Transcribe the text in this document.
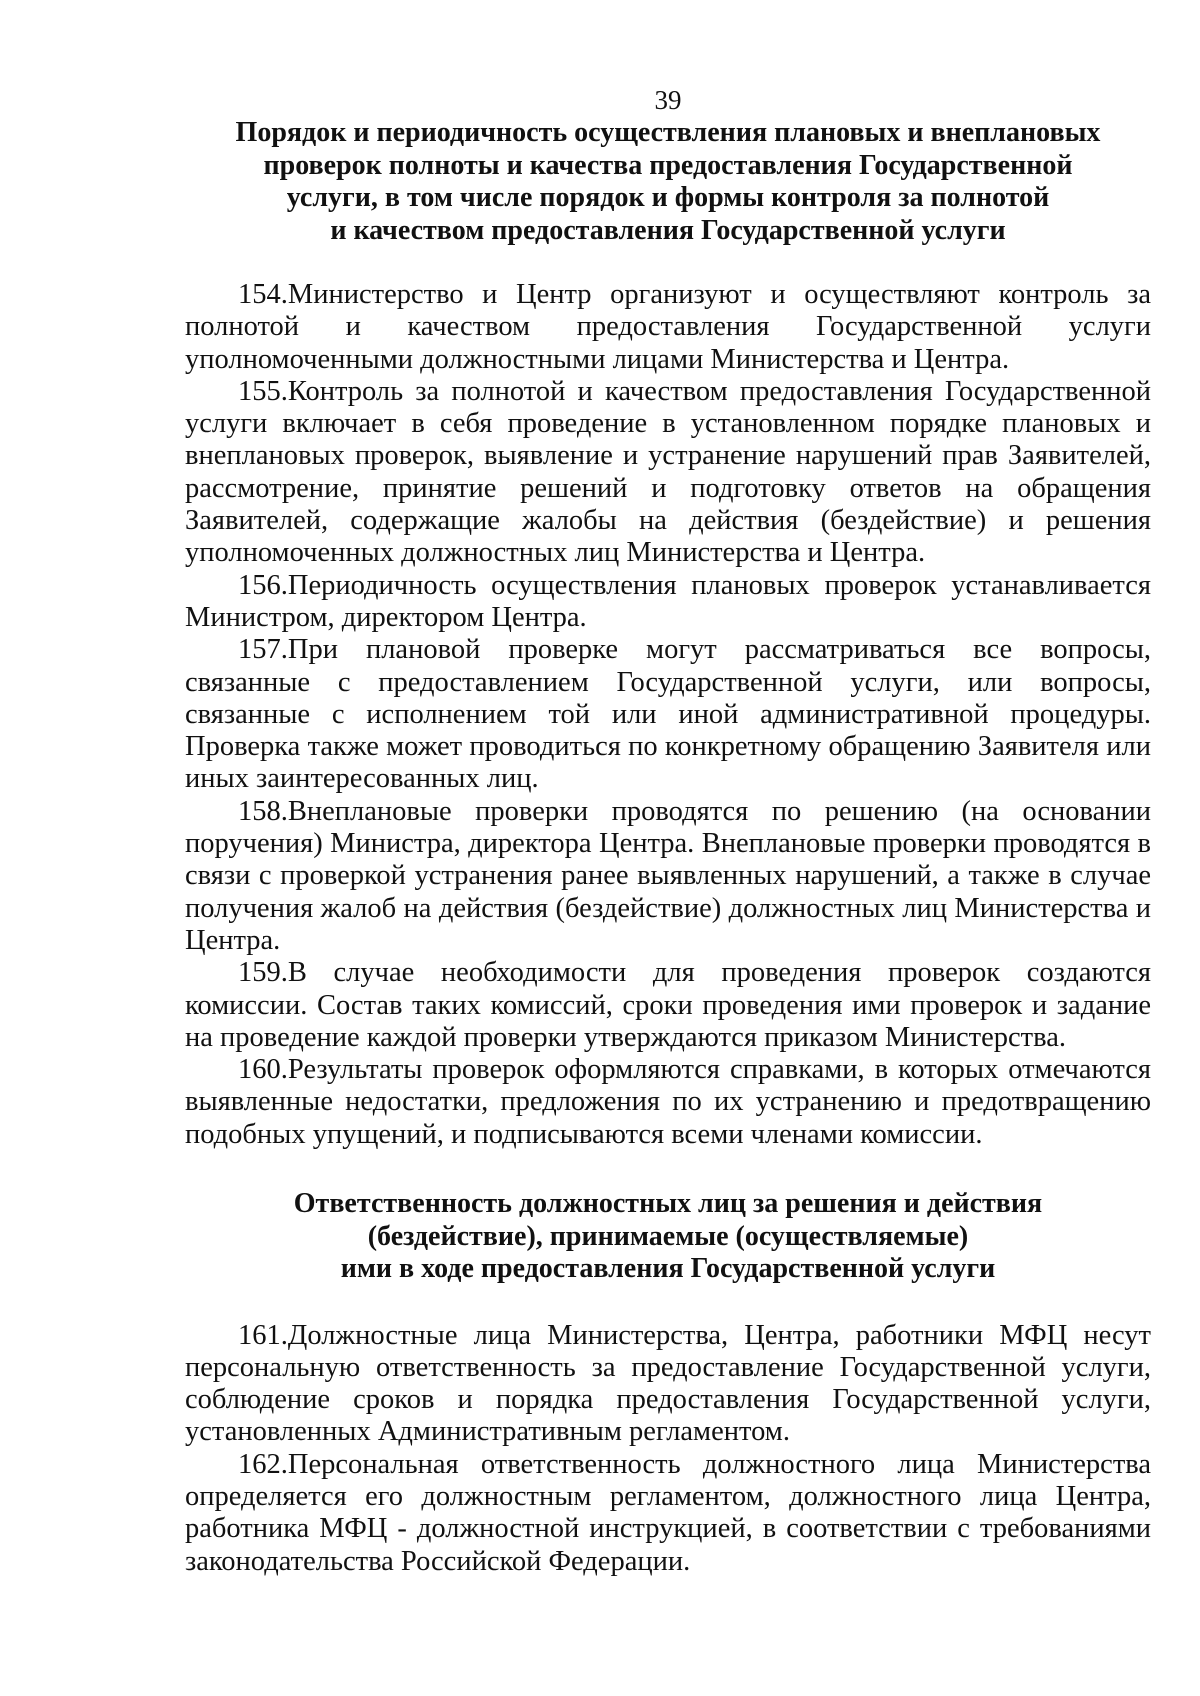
39
Порядок и периодичность осуществления плановых и внеплановых
проверок полноты и качества предоставления Государственной
услуги, в том числе порядок и формы контроля за полнотой
и качеством предоставления Государственной услуги

154.Министерство и Центр организуют и осуществляют контроль за полнотой и качеством предоставления Государственной услуги уполномоченными должностными лицами Министерства и Центра.

155.Контроль за полнотой и качеством предоставления Государственной услуги включает в себя проведение в установленном порядке плановых и внеплановых проверок, выявление и устранение нарушений прав Заявителей, рассмотрение, принятие решений и подготовку ответов на обращения Заявителей, содержащие жалобы на действия (бездействие) и решения уполномоченных должностных лиц Министерства и Центра.

156.Периодичность осуществления плановых проверок устанавливается Министром, директором Центра.

157.При плановой проверке могут рассматриваться все вопросы, связанные с предоставлением Государственной услуги, или вопросы, связанные с исполнением той или иной административной процедуры. Проверка также может проводиться по конкретному обращению Заявителя или иных заинтересованных лиц.

158.Внеплановые проверки проводятся по решению (на основании поручения) Министра, директора Центра. Внеплановые проверки проводятся в связи с проверкой устранения ранее выявленных нарушений, а также в случае получения жалоб на действия (бездействие) должностных лиц Министерства и Центра.

159.В случае необходимости для проведения проверок создаются комиссии. Состав таких комиссий, сроки проведения ими проверок и задание на проведение каждой проверки утверждаются приказом Министерства.

160.Результаты проверок оформляются справками, в которых отмечаются выявленные недостатки, предложения по их устранению и предотвращению подобных упущений, и подписываются всеми членами комиссии.

Ответственность должностных лиц за решения и действия
(бездействие), принимаемые (осуществляемые)
ими в ходе предоставления Государственной услуги

161.Должностные лица Министерства, Центра, работники МФЦ несут персональную ответственность за предоставление Государственной услуги, соблюдение сроков и порядка предоставления Государственной услуги, установленных Административным регламентом.

162.Персональная ответственность должностного лица Министерства определяется его должностным регламентом, должностного лица Центра, работника МФЦ - должностной инструкцией, в соответствии с требованиями законодательства Российской Федерации.
